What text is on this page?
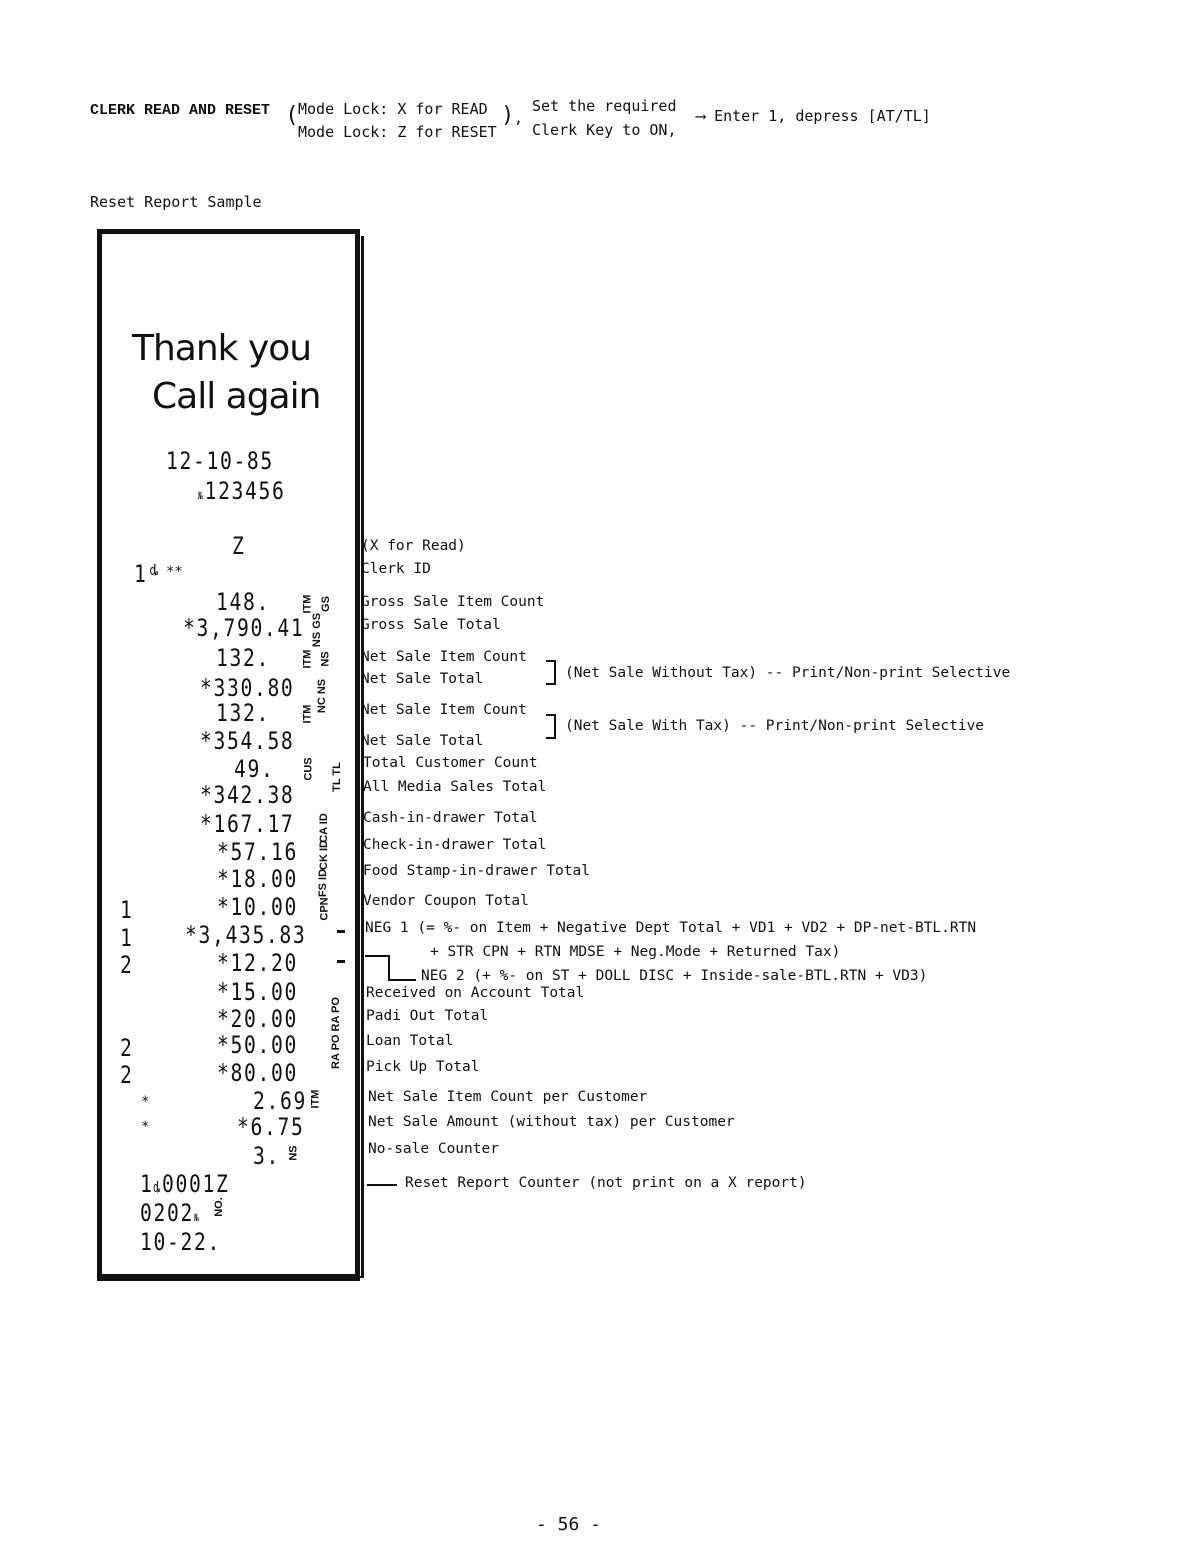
CLERK READ AND RESET ( Mode Lock: X for READ
Mode Lock: Z for RESET
) ,
Set the required
Clerk Key to ON,
⟶ Enter 1, depress [AT/TL]
Reset Report Sample
Thank you
Call again
12-10-85
№123456
Z
1 ȡ **
148.
*3,790.41
132.
*330.80
132.
*354.58
49.
*342.38
*167.17
*57.16
*18.00
*10.00
*3,435.83
*12.20
*15.00
*20.00
*50.00
*80.00
2.69
*6.75
3.
1
1
2
2
2
*
*
1ȡ0001Z
0202№
10-22.
ITM GS
NS GS
ITM NS
ITM
NC NS
CUS TL TL
CA ID
CK ID
FS ID
CPN
RA PO RA PO
ITM
NS
NO.
(X for Read)
Clerk ID
Gross Sale Item Count
Gross Sale Total
Net Sale Item Count
Net Sale Total	(Net Sale Without Tax) -- Print/Non-print Selective
Net Sale Item Count
Net Sale Total
(Net Sale With Tax) -- Print/Non-print Selective
Total Customer Count
All Media Sales Total
Cash-in-drawer Total
Check-in-drawer Total
Food Stamp-in-drawer Total
Vendor Coupon Total
NEG 1 (= %- on Item + Negative Dept Total + VD1 + VD2 + DP-net-BTL.RTN
+ STR CPN + RTN MDSE + Neg.Mode + Returned Tax)
NEG 2 (+ %- on ST + DOLL DISC + Inside-sale-BTL.RTN + VD3)
Received on Account Total
Padi Out Total
Loan Total
Pick Up Total
Net Sale Item Count per Customer
Net Sale Amount (without tax) per Customer
No-sale Counter
Reset Report Counter (not print on a X report)
- 56 -
